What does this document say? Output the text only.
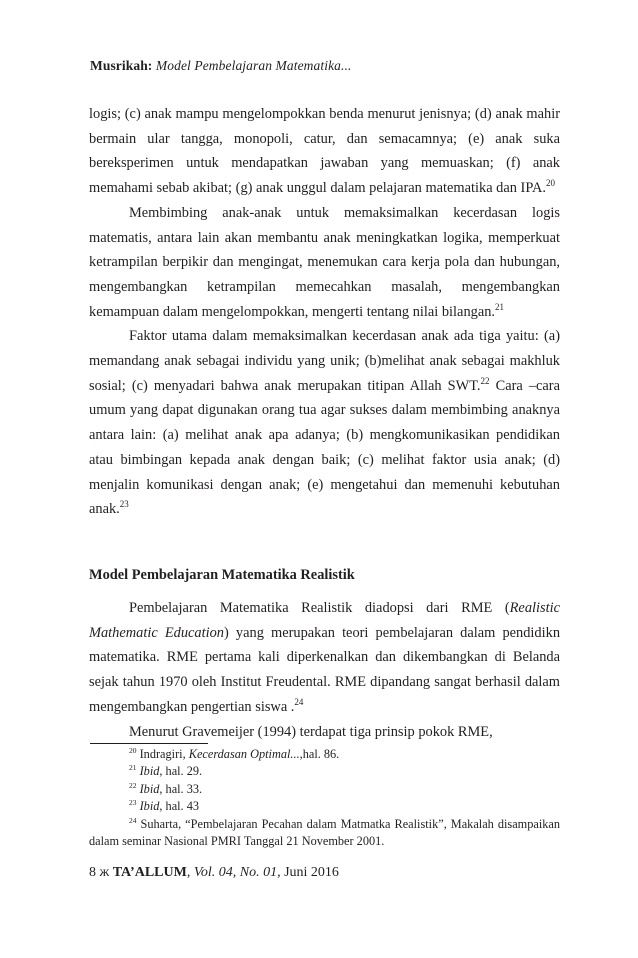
Musrikah: Model Pembelajaran Matematika...

logis; (c) anak mampu mengelompokkan benda menurut jenisnya; (d) anak mahir bermain ular tangga, monopoli, catur, dan semacamnya; (e) anak suka bereksperimen untuk mendapatkan jawaban yang memuaskan; (f) anak memahami sebab akibat; (g) anak unggul dalam pelajaran matematika dan IPA.$^{20}$

Membimbing anak-anak untuk memaksimalkan kecerdasan logis matematis, antara lain akan membantu anak meningkatkan logika, memperkuat ketrampilan berpikir dan mengingat, menemukan cara kerja pola dan hubungan, mengembangkan ketrampilan memecahkan masalah, mengembangkan kemampuan dalam mengelompokkan, mengerti tentang nilai bilangan.$^{21}$

Faktor utama dalam memaksimalkan kecerdasan anak ada tiga yaitu: (a) memandang anak sebagai individu yang unik; (b)melihat anak sebagai makhluk sosial; (c) menyadari bahwa anak merupakan titipan Allah SWT.$^{22}$ Cara –cara umum yang dapat digunakan orang tua agar sukses dalam membimbing anaknya antara lain: (a) melihat anak apa adanya; (b) mengkomunikasikan pendidikan atau bimbingan kepada anak dengan baik; (c) melihat faktor usia anak; (d) menjalin komunikasi dengan anak; (e) mengetahui dan memenuhi kebutuhan anak.$^{23}$

Model Pembelajaran Matematika Realistik

Pembelajaran Matematika Realistik diadopsi dari RME (Realistic Mathematic Education) yang merupakan teori pembelajaran dalam pendidikn matematika. RME pertama kali diperkenalkan dan dikembangkan di Belanda sejak tahun 1970 oleh Institut Freudental. RME dipandang sangat berhasil dalam mengembangkan pengertian siswa .$^{24}$

Menurut Gravemeijer (1994) terdapat tiga prinsip pokok RME,

$^{20}$ Indragiri, Kecerdasan Optimal...,hal. 86.

$^{21}$ Ibid, hal. 29.

$^{22}$ Ibid, hal. 33.

$^{23}$ Ibid, hal. 43

$^{24}$ Suharta, “Pembelajaran Pecahan dalam Matmatka Realistik”, Makalah disampaikan dalam seminar Nasional PMRI Tanggal 21 November 2001.

8 ж TA’ALLUM, Vol. 04, No. 01, Juni 2016
